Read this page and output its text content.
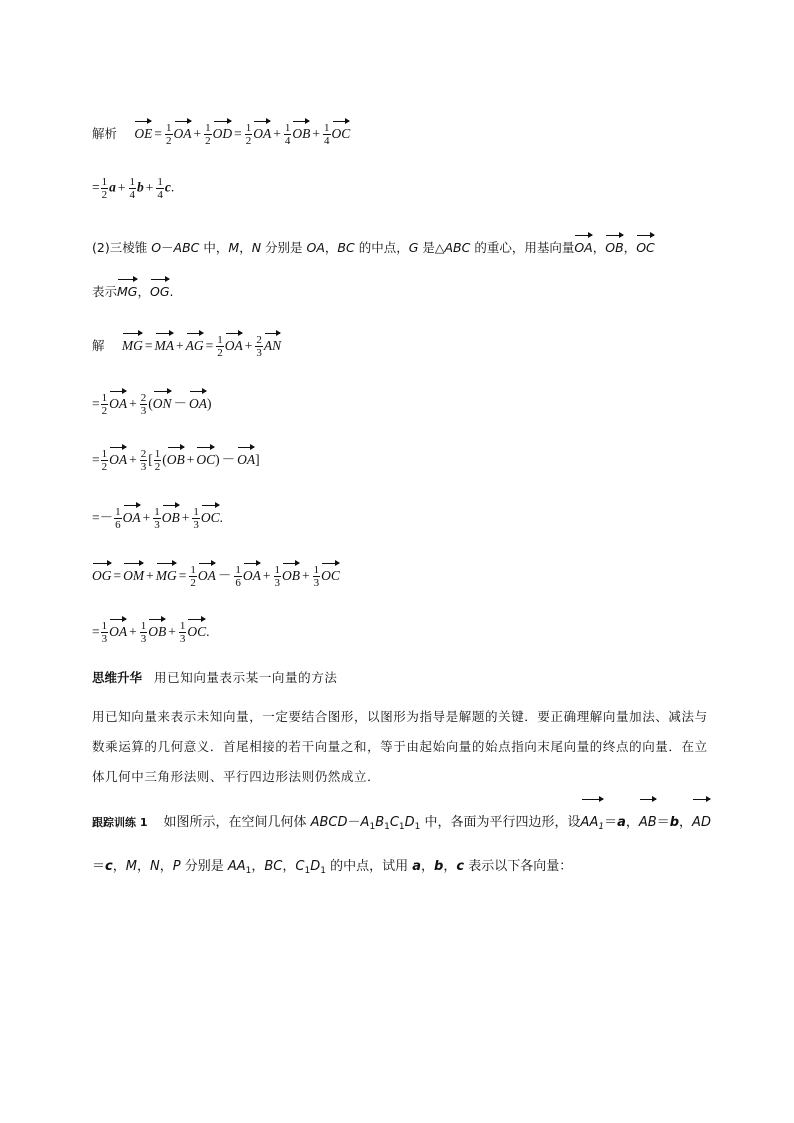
解析 OE = $\frac{1}{2}$ OA + $\frac{1}{2}$ OD = $\frac{1}{2}$ OA + $\frac{1}{4}$ OB + $\frac{1}{4}$ OC
= $\frac{1}{2}$ $a + \frac{1}{4}$ $b + \frac{1}{4} c$.
(2)三棱锥 O－ABC 中，M，N 分别是 OA，BC 的中点，G 是△ABC 的重心，用基向量OA，OB，OC
表示MG，OG.
解 MG = MA + AG = $\frac{1}{2}$ OA + $\frac{2}{3}$ AN
= $\frac{1}{2}$ OA + $\frac{2}{3} (ON - OA)$
= $\frac{1}{2}$ OA + $\frac{2}{3}$ [ $\frac{1}{2} (OB + OC) - OA$]
=－ $\frac{1}{6}$ OA + $\frac{1}{3}$ OB + $\frac{1}{3}$ OC.
OG = OM + MG = $\frac{1}{2}$ OA － $\frac{1}{6}$ OA + $\frac{1}{3}$ OB + $\frac{1}{3}$ OC
= $\frac{1}{3}$ OA + $\frac{1}{3}$ OB + $\frac{1}{3}$ OC.
思维升华 用已知向量表示某一向量的方法
用已知向量来表示未知向量，一定要结合图形，以图形为指导是解题的关键．要正确理解向量加法、减法与数乘运算的几何意义．首尾相接的若干向量之和，等于由起始向量的始点指向末尾向量的终点的向量．在立体几何中三角形法则、平行四边形法则仍然成立．
跟踪训练 1 如图所示，在空间几何体 $ABCD-A_1B_1C_1D_1$ 中，各面为平行四边形，设$AA_1=a$，AB＝b，AD＝c，M，N，P 分别是 $AA_1$，BC，$C_1D_1$ 的中点，试用 a，b，c 表示以下各向量：
